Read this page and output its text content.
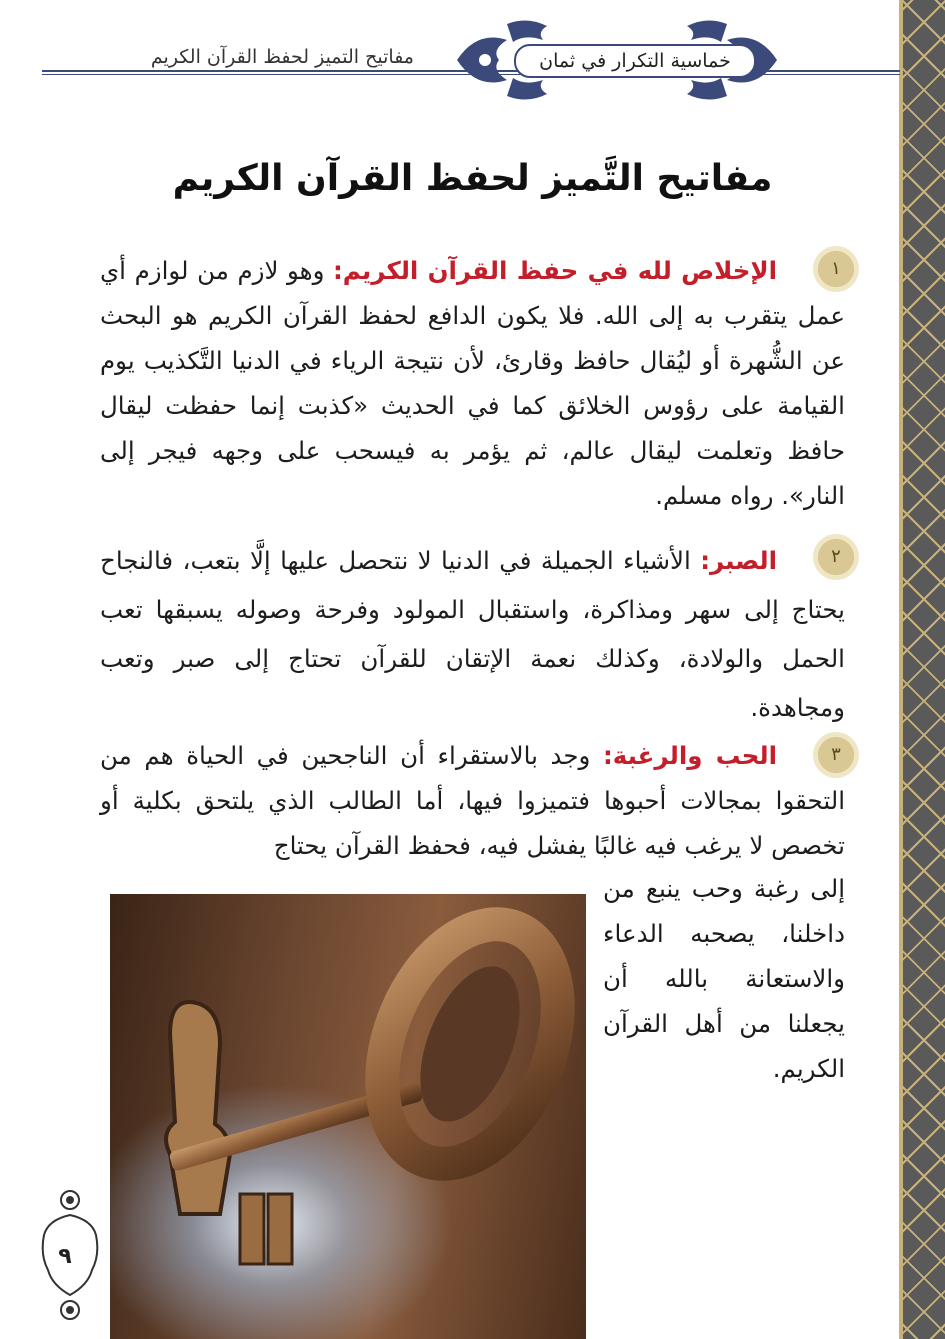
مفاتيح التميز لحفظ القرآن الكريم	خماسية التكرار في ثمان
مفاتيح التَّميز لحفظ القرآن الكريم
١
الإخلاص لله في حفظ القرآن الكريم: وهو لازم من لوازم أي عمل يتقرب به إلى الله. فلا يكون الدافع لحفظ القرآن الكريم هو البحث عن الشُّهرة أو ليُقال حافظ وقارئ، لأن نتيجة الرياء في الدنيا التَّكذيب يوم القيامة على رؤوس الخلائق كما في الحديث «كذبت إنما حفظت ليقال حافظ وتعلمت ليقال عالم، ثم يؤمر به فيسحب على وجهه فيجر إلى النار». رواه مسلم.
٢
الصبر: الأشياء الجميلة في الدنيا لا نتحصل عليها إلَّا بتعب، فالنجاح يحتاج إلى سهر ومذاكرة، واستقبال المولود وفرحة وصوله يسبقها تعب الحمل والولادة، وكذلك نعمة الإتقان للقرآن تحتاج إلى صبر وتعب ومجاهدة.
٣
الحب والرغبة: وجد بالاستقراء أن الناجحين في الحياة هم من التحقوا بمجالات أحبوها فتميزوا فيها، أما الطالب الذي يلتحق بكلية أو تخصص لا يرغب فيه غالبًا يفشل فيه، فحفظ القرآن يحتاج
إلى رغبة وحب ينبع من داخلنا، يصحبه الدعاء والاستعانة بالله أن يجعلنا من أهل القرآن الكريم.
٩
